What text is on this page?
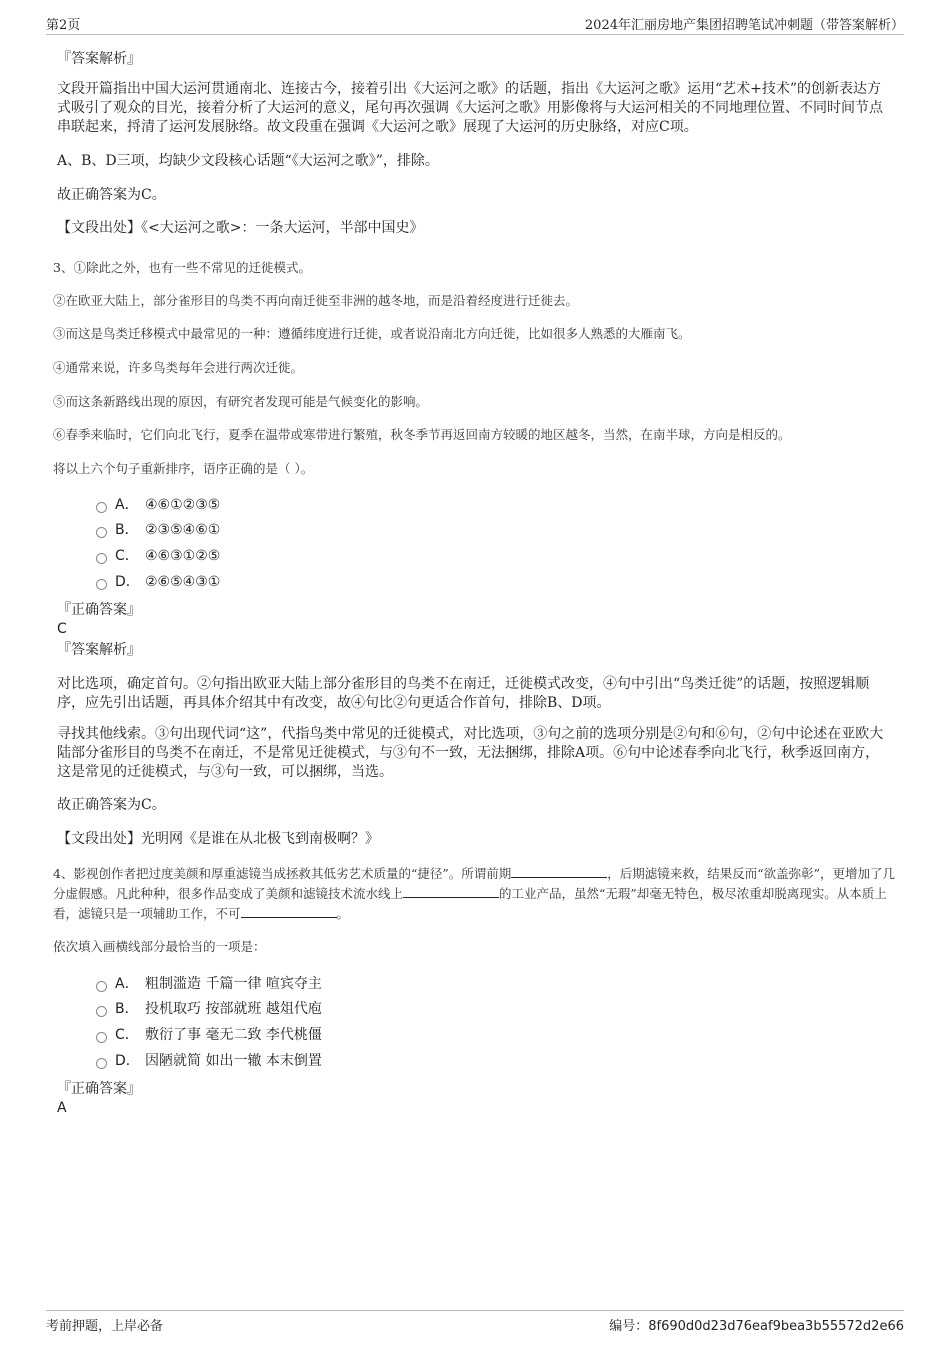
第2页	2024年汇丽房地产集团招聘笔试冲刺题（带答案解析）
『答案解析』
文段开篇指出中国大运河贯通南北、连接古今，接着引出《大运河之歌》的话题，指出《大运河之歌》运用“艺术+技术”的创新表达方式吸引了观众的目光，接着分析了大运河的意义，尾句再次强调《大运河之歌》用影像将与大运河相关的不同地理位置、不同时间节点串联起来，捋清了运河发展脉络。故文段重在强调《大运河之歌》展现了大运河的历史脉络，对应C项。
A、B、D三项，均缺少文段核心话题“《大运河之歌》”，排除。
故正确答案为C。
【文段出处】《<大运河之歌>：一条大运河，半部中国史》
3、①除此之外，也有一些不常见的迁徙模式。
②在欧亚大陆上，部分雀形目的鸟类不再向南迁徙至非洲的越冬地，而是沿着经度进行迁徙去。
③而这是鸟类迁移模式中最常见的一种：遵循纬度进行迁徙，或者说沿南北方向迁徙，比如很多人熟悉的大雁南飞。
④通常来说，许多鸟类每年会进行两次迁徙。
⑤而这条新路线出现的原因，有研究者发现可能是气候变化的影响。
⑥春季来临时，它们向北飞行，夏季在温带或寒带进行繁殖，秋冬季节再返回南方较暖的地区越冬，当然，在南半球，方向是相反的。
将以上六个句子重新排序，语序正确的是（ ）。
A． ④⑥①②③⑤
B． ②③⑤④⑥①
C． ④⑥③①②⑤
D． ②⑥⑤④③①
『正确答案』
C
『答案解析』
对比选项，确定首句。②句指出欧亚大陆上部分雀形目的鸟类不在南迁，迁徙模式改变，④句中引出“鸟类迁徙”的话题，按照逻辑顺序，应先引出话题，再具体介绍其中有改变，故④句比②句更适合作首句，排除B、D项。
寻找其他线索。③句出现代词“这”，代指鸟类中常见的迁徙模式，对比选项，③句之前的选项分别是②句和⑥句，②句中论述在亚欧大陆部分雀形目的鸟类不在南迁，不是常见迁徙模式，与③句不一致，无法捆绑，排除A项。⑥句中论述春季向北飞行，秋季返回南方，这是常见的迁徙模式，与③句一致，可以捆绑，当选。
故正确答案为C。
【文段出处】光明网《是谁在从北极飞到南极啊？》
4、影视创作者把过度美颜和厚重滤镜当成拯救其低劣艺术质量的“捷径”。所谓前期	，后期滤镜来救，结果反而“欲盖弥彰”，更增加了几分虚假感。凡此种种，很多作品变成了美颜和滤镜技术流水线上	的工业产品，虽然“无瑕”却毫无特色，极尽浓重却脱离现实。从本质上看，滤镜只是一项辅助工作，不可	。
依次填入画横线部分最恰当的一项是：
A． 粗制滥造 千篇一律 喧宾夺主
B． 投机取巧 按部就班 越俎代庖
C． 敷衍了事 毫无二致 李代桃僵
D． 因陋就简 如出一辙 本末倒置
『正确答案』
A
考前押题，上岸必备	编号：8f690d0d23d76eaf9bea3b55572d2e66
